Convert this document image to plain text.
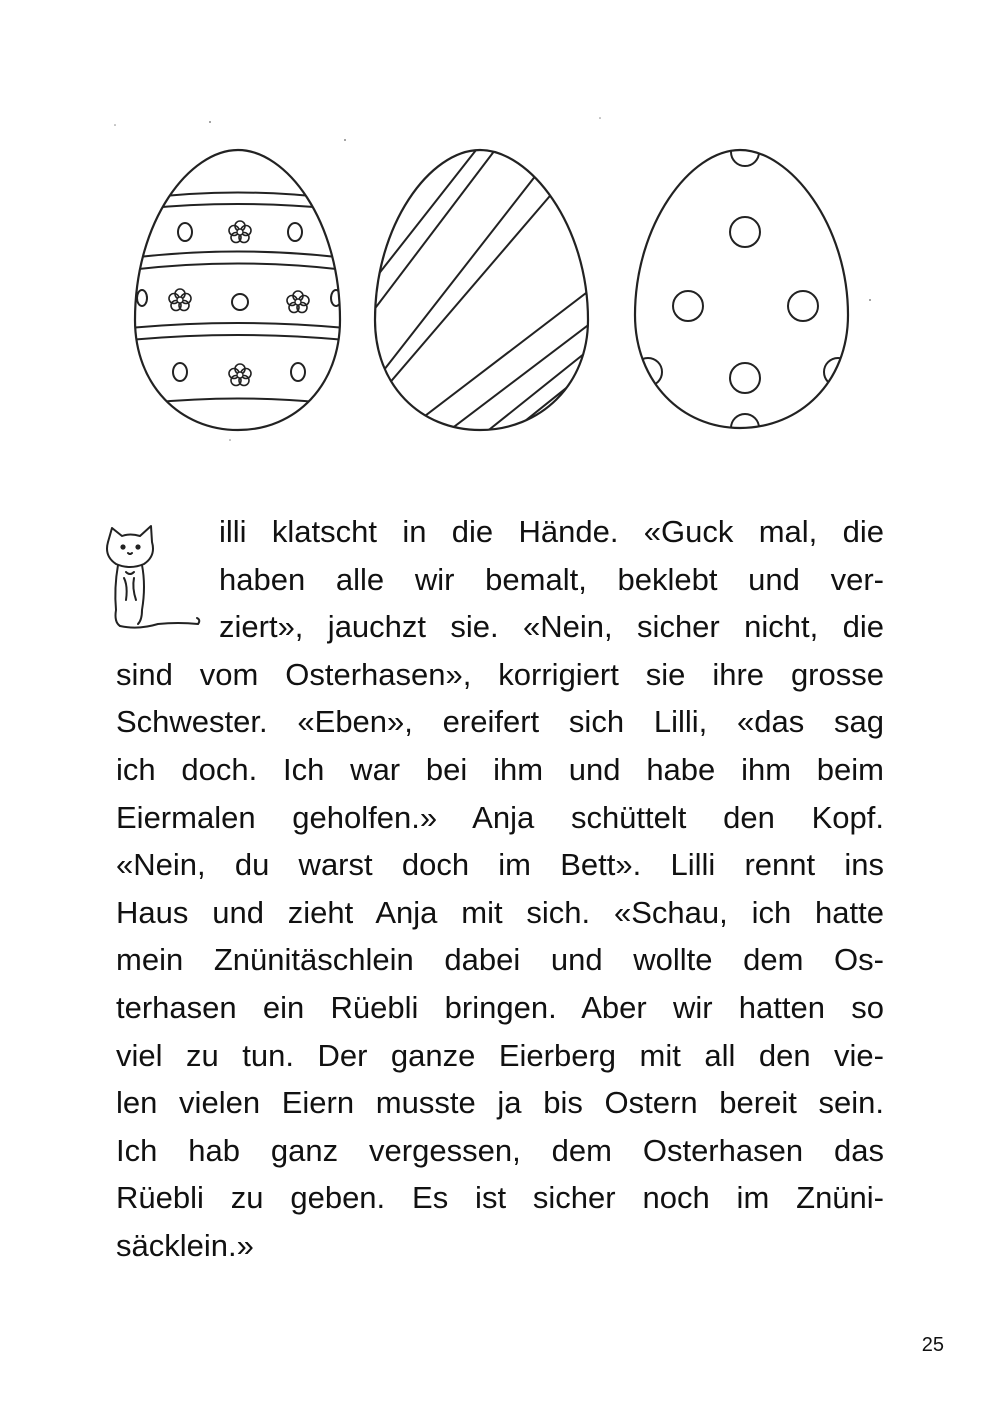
illi klatscht in die Hände. «Guck mal, die
haben alle wir bemalt, beklebt und ver-
ziert», jauchzt sie. «Nein, sicher nicht, die
sind vom Osterhasen», korrigiert sie ihre grosse
Schwester. «Eben», ereifert sich Lilli, «das sag
ich doch. Ich war bei ihm und habe ihm beim
Eiermalen geholfen.» Anja schüttelt den Kopf.
«Nein, du warst doch im Bett». Lilli rennt ins
Haus und zieht Anja mit sich. «Schau, ich hatte
mein Znünitäschlein dabei und wollte dem Os-
terhasen ein Rüebli bringen. Aber wir hatten so
viel zu tun. Der ganze Eierberg mit all den vie-
len vielen Eiern musste ja bis Ostern bereit sein.
Ich hab ganz vergessen, dem Osterhasen das
Rüebli zu geben. Es ist sicher noch im Znüni-
säcklein.»
25
